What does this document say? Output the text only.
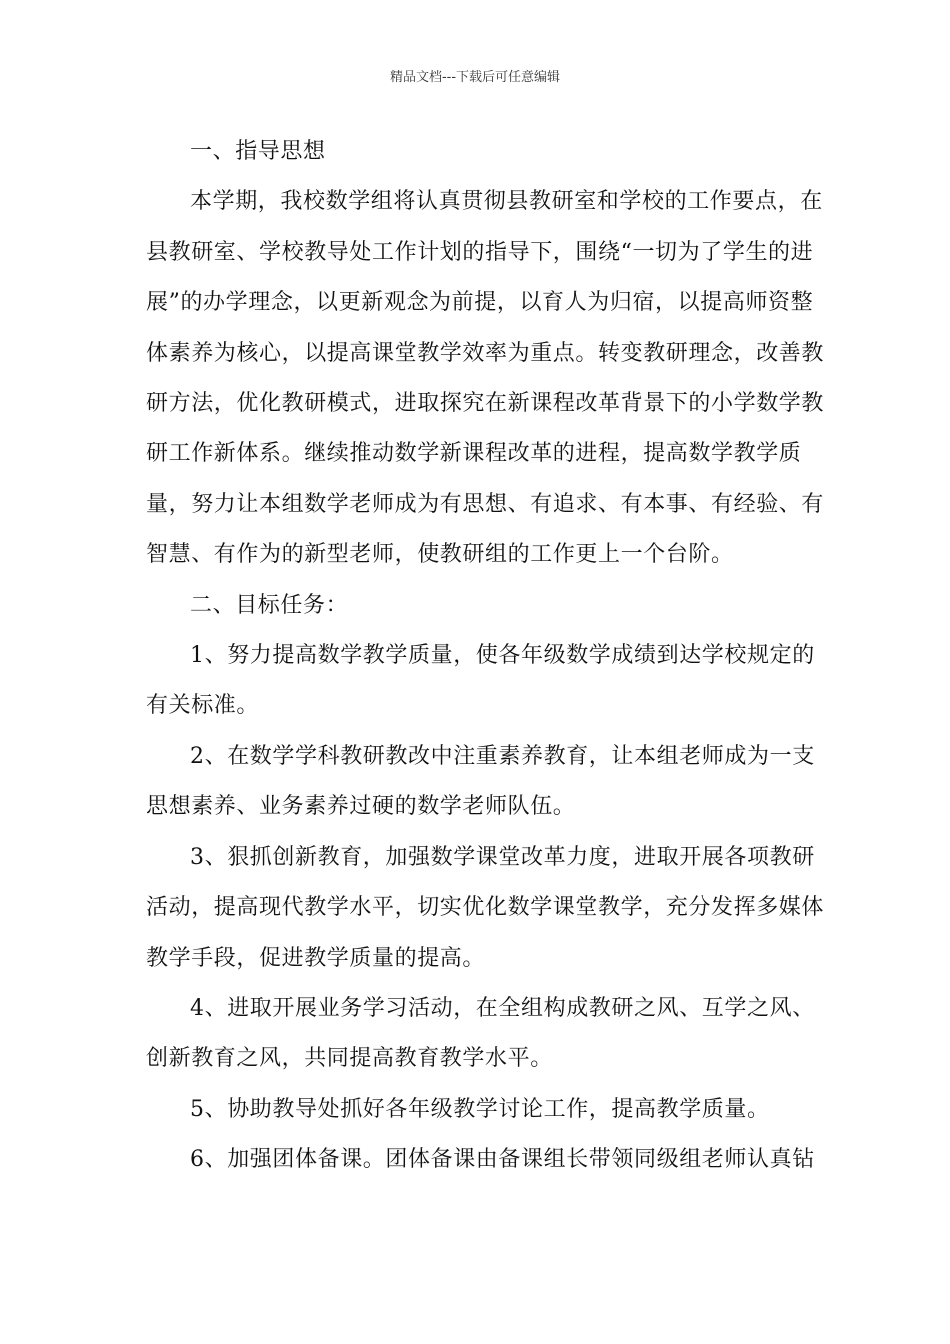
精品文档---下载后可任意编辑

一、指导思想

本学期，我校数学组将认真贯彻县教研室和学校的工作要点，在县教研室、学校教导处工作计划的指导下，围绕“一切为了学生的进展”的办学理念，以更新观念为前提，以育人为归宿，以提高师资整体素养为核心，以提高课堂教学效率为重点。转变教研理念，改善教研方法，优化教研模式，进取探究在新课程改革背景下的小学数学教研工作新体系。继续推动数学新课程改革的进程，提高数学教学质量，努力让本组数学老师成为有思想、有追求、有本事、有经验、有智慧、有作为的新型老师，使教研组的工作更上一个台阶。

二、目标任务：

1、努力提高数学教学质量，使各年级数学成绩到达学校规定的有关标准。

2、在数学学科教研教改中注重素养教育，让本组老师成为一支思想素养、业务素养过硬的数学老师队伍。

3、狠抓创新教育，加强数学课堂改革力度，进取开展各项教研活动，提高现代教学水平，切实优化数学课堂教学，充分发挥多媒体教学手段，促进教学质量的提高。

4、进取开展业务学习活动，在全组构成教研之风、互学之风、创新教育之风，共同提高教育教学水平。

5、协助教导处抓好各年级教学讨论工作，提高教学质量。

6、加强团体备课。团体备课由备课组长带领同级组老师认真钻
